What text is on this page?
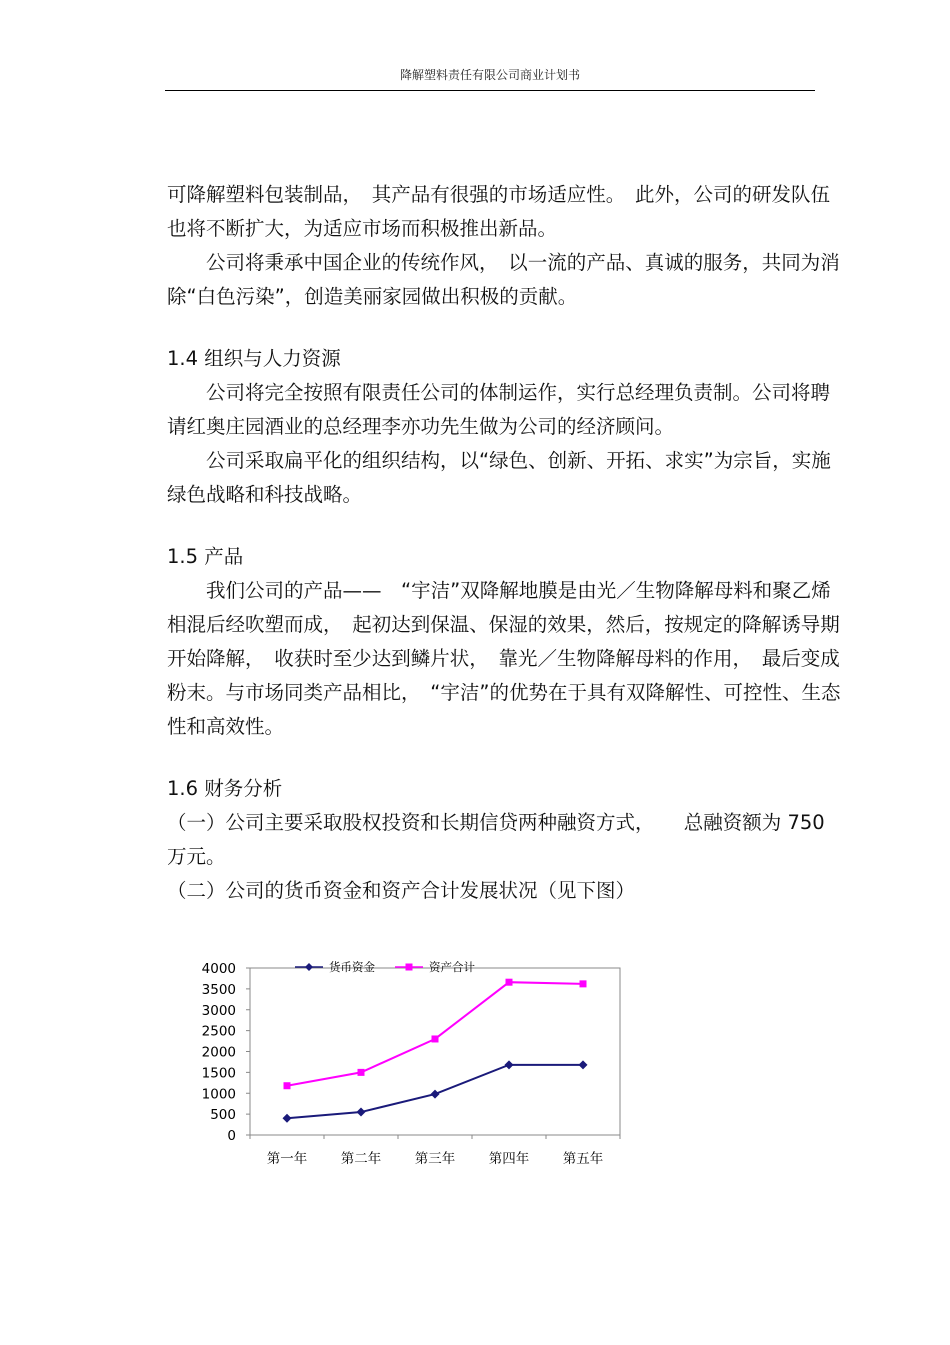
降解塑料责任有限公司商业计划书

可降解塑料包装制品，　其产品有很强的市场适应性。　此外，公司的研发队伍也将不断扩大，为适应市场而积极推出新品。

公司将秉承中国企业的传统作风，　以一流的产品、真诚的服务，共同为消除“白色污染”，创造美丽家园做出积极的贡献。

1.4 组织与人力资源

公司将完全按照有限责任公司的体制运作，实行总经理负责制。公司将聘请红奥庄园酒业的总经理李亦功先生做为公司的经济顾问。

公司采取扁平化的组织结构，以“绿色、创新、开拓、求实”为宗旨，实施绿色战略和科技战略。

1.5 产品

我们公司的产品——　“宇洁”双降解地膜是由光／生物降解母料和聚乙烯相混后经吹塑而成，　起初达到保温、保湿的效果，然后，按规定的降解诱导期开始降解，　收获时至少达到鳞片状，　靠光／生物降解母料的作用，　最后变成粉末。与市场同类产品相比，　“宇洁”的优势在于具有双降解性、可控性、生态性和高效性。

1.6 财务分析

（一）公司主要采取股权投资和长期信贷两种融资方式，　　总融资额为 750 万元。

（二）公司的货币资金和资产合计发展状况（见下图）

0
500
1000
1500
2000
2500
3000
3500
4000
第一年 第二年 第三年 第四年 第五年
货币资金	资产合计
